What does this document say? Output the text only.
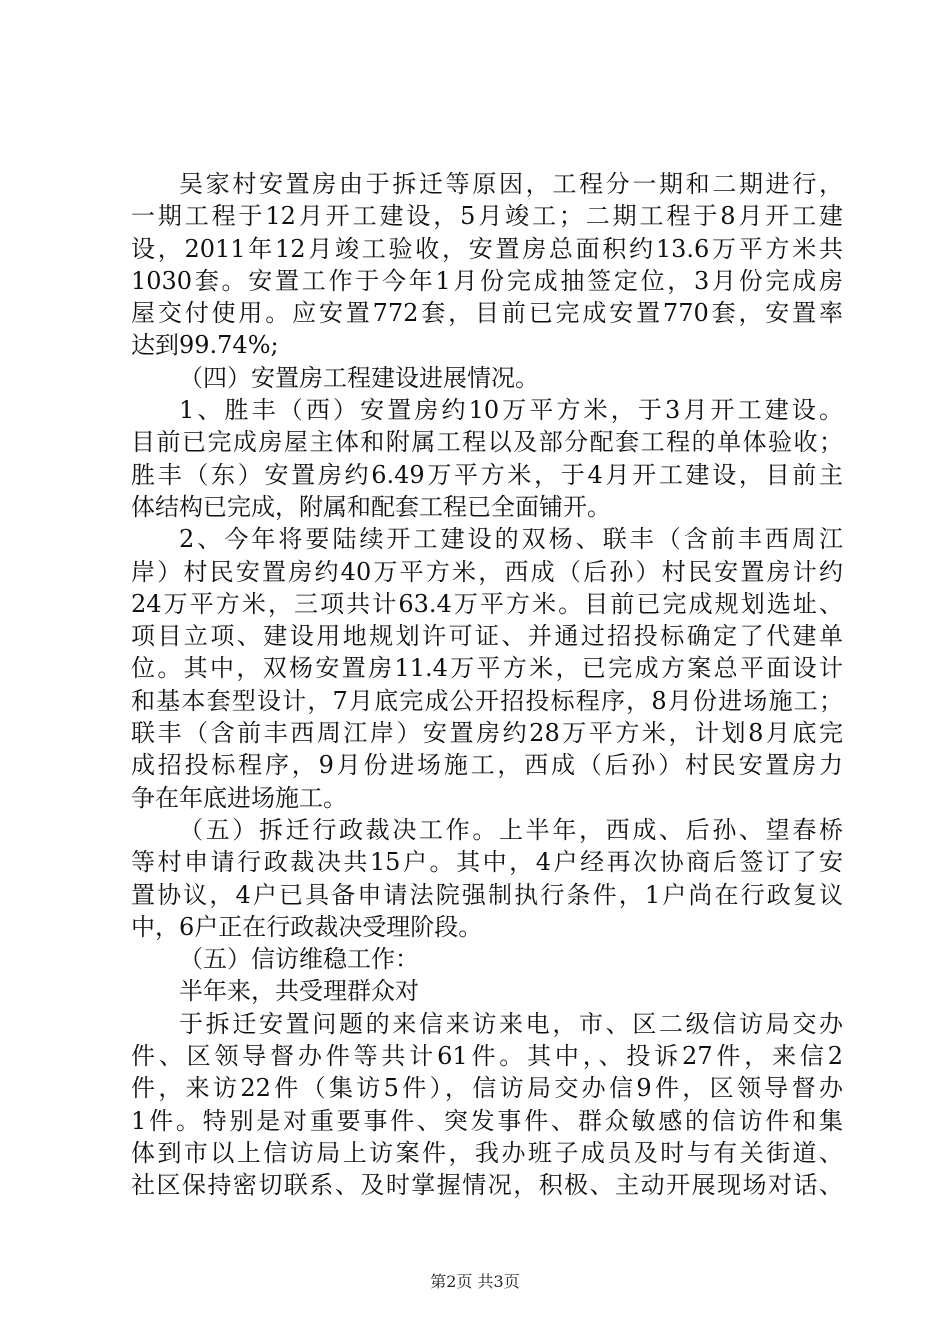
吴家村安置房由于拆迁等原因，工程分一期和二期进行，
一期工程于12月开工建设，5月竣工；二期工程于8月开工建
设，2011年12月竣工验收，安置房总面积约13.6万平方米共
1030套。安置工作于今年1月份完成抽签定位，3月份完成房
屋交付使用。应安置772套，目前已完成安置770套，安置率
达到99.74%;
（四）安置房工程建设进展情况。
1、胜丰（西）安置房约10万平方米，于3月开工建设。
目前已完成房屋主体和附属工程以及部分配套工程的单体验收；
胜丰（东）安置房约6.49万平方米，于4月开工建设，目前主
体结构已完成，附属和配套工程已全面铺开。
2、今年将要陆续开工建设的双杨、联丰（含前丰西周江
岸）村民安置房约40万平方米，西成（后孙）村民安置房计约
24万平方米，三项共计63.4万平方米。目前已完成规划选址、
项目立项、建设用地规划许可证、并通过招投标确定了代建单
位。其中，双杨安置房11.4万平方米，已完成方案总平面设计
和基本套型设计，7月底完成公开招投标程序，8月份进场施工；
联丰（含前丰西周江岸）安置房约28万平方米，计划8月底完
成招投标程序，9月份进场施工，西成（后孙）村民安置房力
争在年底进场施工。
（五）拆迁行政裁决工作。上半年，西成、后孙、望春桥
等村申请行政裁决共15户。其中，4户经再次协商后签订了安
置协议，4户已具备申请法院强制执行条件，1户尚在行政复议
中，6户正在行政裁决受理阶段。
（五）信访维稳工作：
半年来，共受理群众对
于拆迁安置问题的来信来访来电，市、区二级信访局交办
件、区领导督办件等共计61件。其中，、投诉27件，来信2
件，来访22件（集访5件），信访局交办信9件，区领导督办
1件。特别是对重要事件、突发事件、群众敏感的信访件和集
体到市以上信访局上访案件，我办班子成员及时与有关街道、
社区保持密切联系、及时掌握情况，积极、主动开展现场对话、
第2页 共3页
